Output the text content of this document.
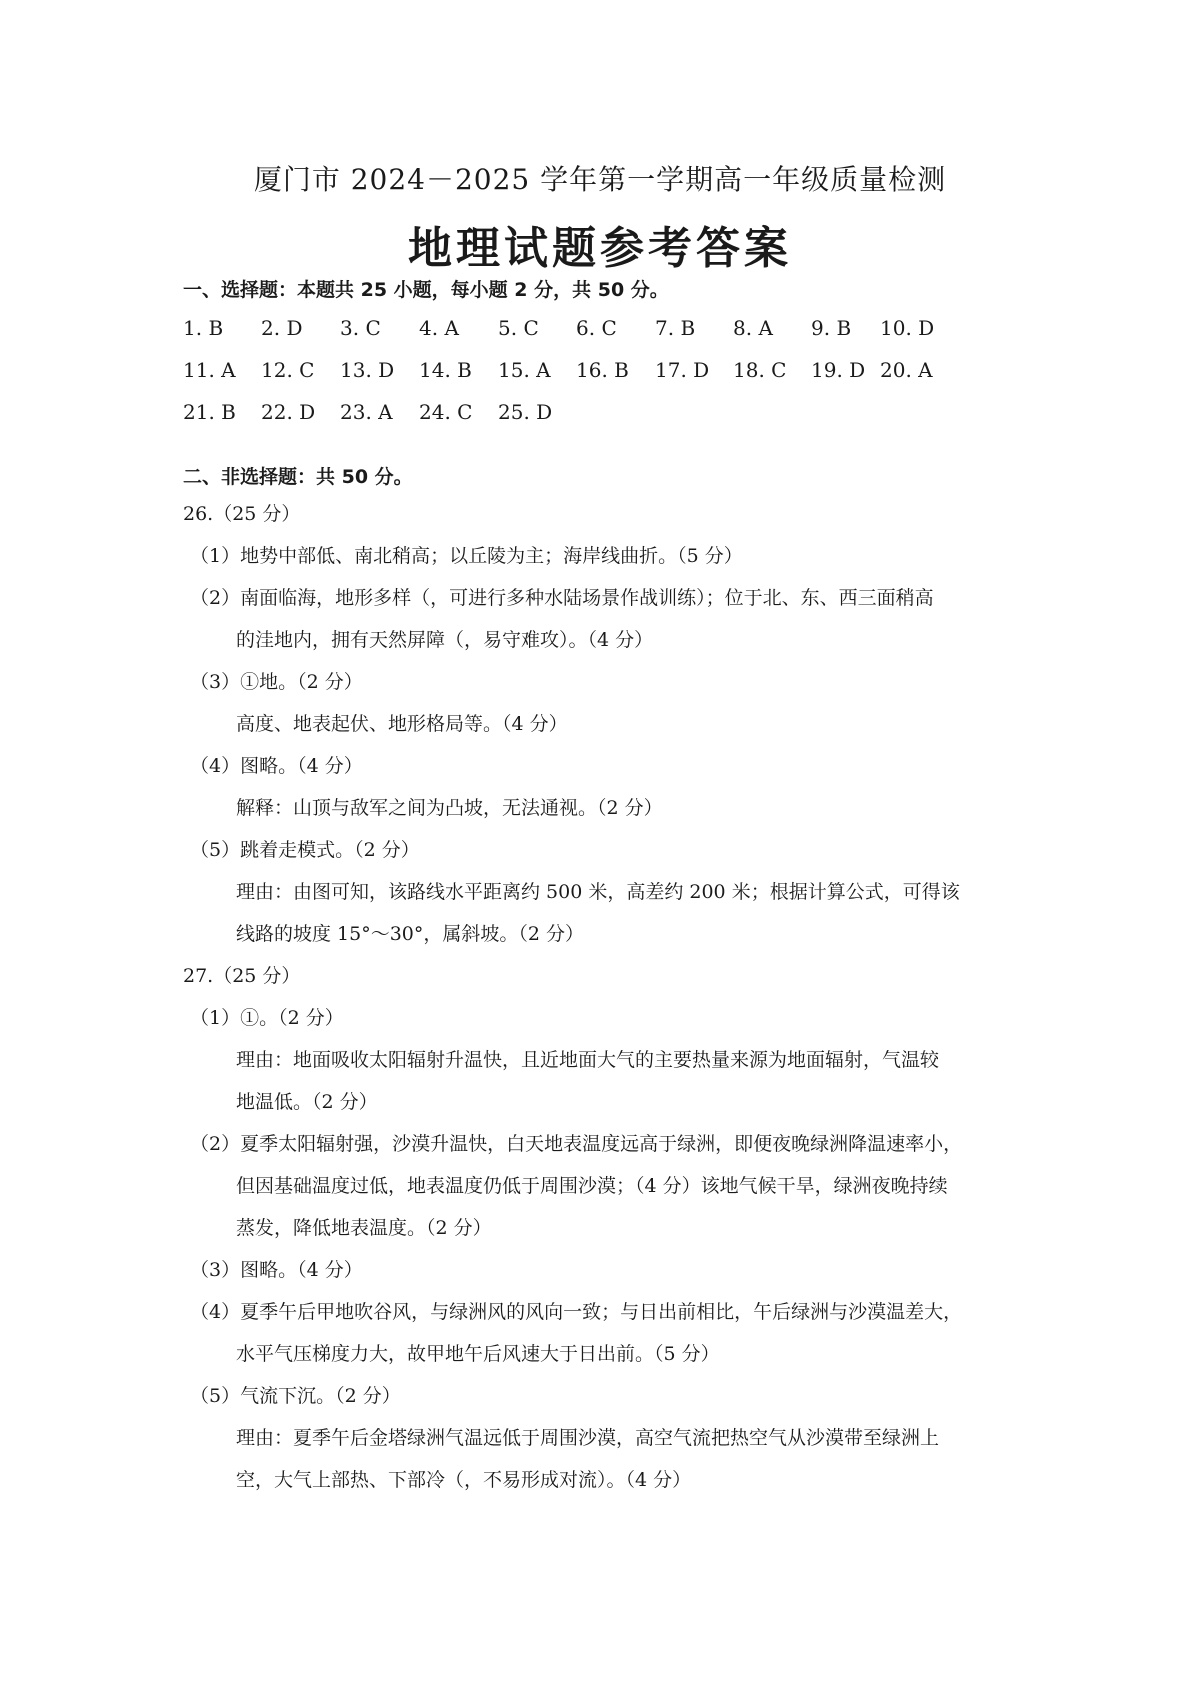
厦门市 2024－2025 学年第一学期高一年级质量检测
地理试题参考答案
一、选择题：本题共 25 小题，每小题 2 分，共 50 分。
1. B 2. D 3. C 4. A 5. C 6. C 7. B 8. A 9. B 10. D
11. A 12. C 13. D 14. B 15. A 16. B 17. D 18. C 19. D 20. A
21. B 22. D 23. A 24. C 25. D
二、非选择题：共 50 分。
26.（25 分）
（1）地势中部低、南北稍高；以丘陵为主；海岸线曲折。（5 分）
（2）南面临海，地形多样（，可进行多种水陆场景作战训练）；位于北、东、西三面稍高
的洼地内，拥有天然屏障（，易守难攻）。（4 分）
（3）①地。（2 分）
高度、地表起伏、地形格局等。（4 分）
（4）图略。（4 分）
解释：山顶与敌军之间为凸坡，无法通视。（2 分）
（5）跳着走模式。（2 分）
理由：由图可知，该路线水平距离约 500 米，高差约 200 米；根据计算公式，可得该
线路的坡度 15°～30°，属斜坡。（2 分）
27.（25 分）
（1）①。（2 分）
理由：地面吸收太阳辐射升温快，且近地面大气的主要热量来源为地面辐射，气温较
地温低。（2 分）
（2）夏季太阳辐射强，沙漠升温快，白天地表温度远高于绿洲，即便夜晚绿洲降温速率小，
但因基础温度过低，地表温度仍低于周围沙漠；（4 分）该地气候干旱，绿洲夜晚持续
蒸发，降低地表温度。（2 分）
（3）图略。（4 分）
（4）夏季午后甲地吹谷风，与绿洲风的风向一致；与日出前相比，午后绿洲与沙漠温差大，
水平气压梯度力大，故甲地午后风速大于日出前。（5 分）
（5）气流下沉。（2 分）
理由：夏季午后金塔绿洲气温远低于周围沙漠，高空气流把热空气从沙漠带至绿洲上
空，大气上部热、下部冷（，不易形成对流）。（4 分）
